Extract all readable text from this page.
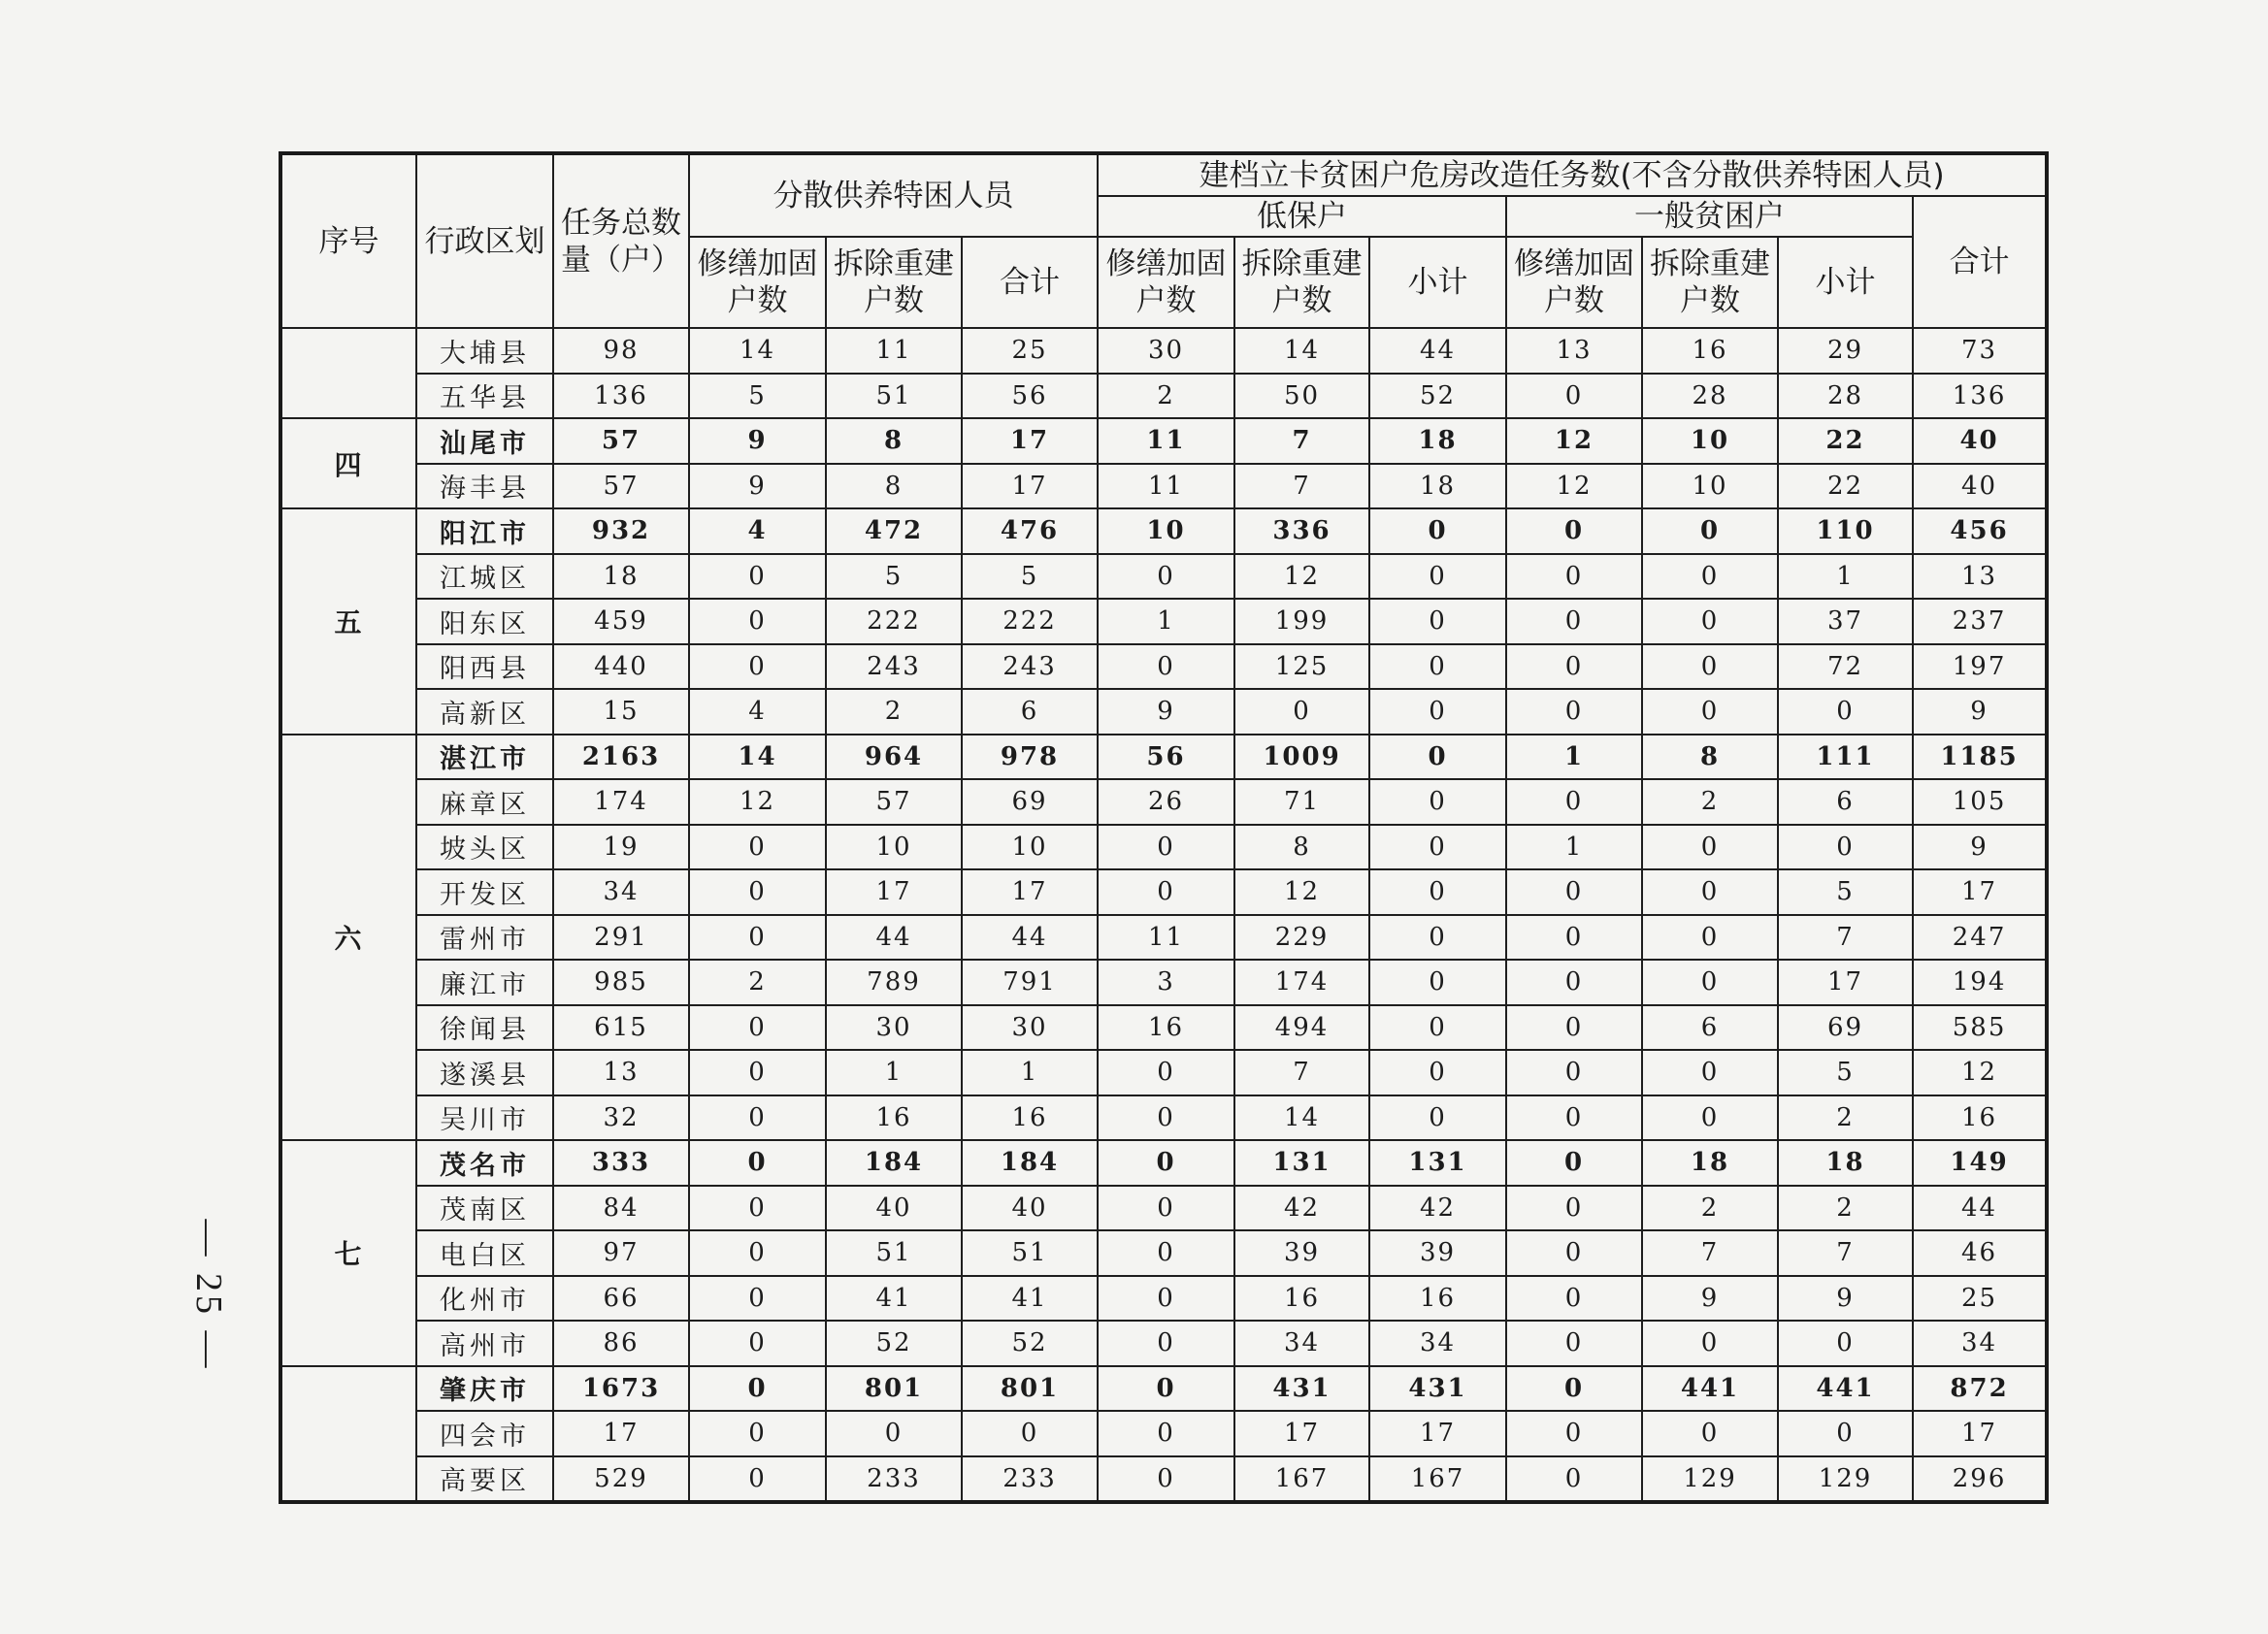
序号	行政区划	任务总数量（户）	分散供养特困人员			建档立卡贫困户危房改造任务数(不含分散供养特困人员)						
						低保户			一般贫困户			合计
			修缮加固户数	拆除重建户数	合计	修缮加固户数	拆除重建户数	小计	修缮加固户数	拆除重建户数	小计	
	大埔县	98	14	11	25	30	14	44	13	16	29	73
	五华县	136	5	51	56	2	50	52	0	28	28	136
四	汕尾市	57	9	8	17	11	7	18	12	10	22	40
	海丰县	57	9	8	17	11	7	18	12	10	22	40
五	阳江市	932	4	472	476	10	336	0	0	0	110	456
	江城区	18	0	5	5	0	12	0	0	0	1	13
	阳东区	459	0	222	222	1	199	0	0	0	37	237
	阳西县	440	0	243	243	0	125	0	0	0	72	197
	高新区	15	4	2	6	9	0	0	0	0	0	9
六	湛江市	2163	14	964	978	56	1009	0	1	8	111	1185
	麻章区	174	12	57	69	26	71	0	0	2	6	105
	坡头区	19	0	10	10	0	8	0	1	0	0	9
	开发区	34	0	17	17	0	12	0	0	0	5	17
	雷州市	291	0	44	44	11	229	0	0	0	7	247
	廉江市	985	2	789	791	3	174	0	0	0	17	194
	徐闻县	615	0	30	30	16	494	0	0	6	69	585
	遂溪县	13	0	1	1	0	7	0	0	0	5	12
	吴川市	32	0	16	16	0	14	0	0	0	2	16
七	茂名市	333	0	184	184	0	131	131	0	18	18	149
	茂南区	84	0	40	40	0	42	42	0	2	2	44
	电白区	97	0	51	51	0	39	39	0	7	7	46
	化州市	66	0	41	41	0	16	16	0	9	9	25
	高州市	86	0	52	52	0	34	34	0	0	0	34
	肇庆市	1673	0	801	801	0	431	431	0	441	441	872
	四会市	17	0	0	0	0	17	17	0	0	0	17
	高要区	529	0	233	233	0	167	167	0	129	129	296
— 25 —
